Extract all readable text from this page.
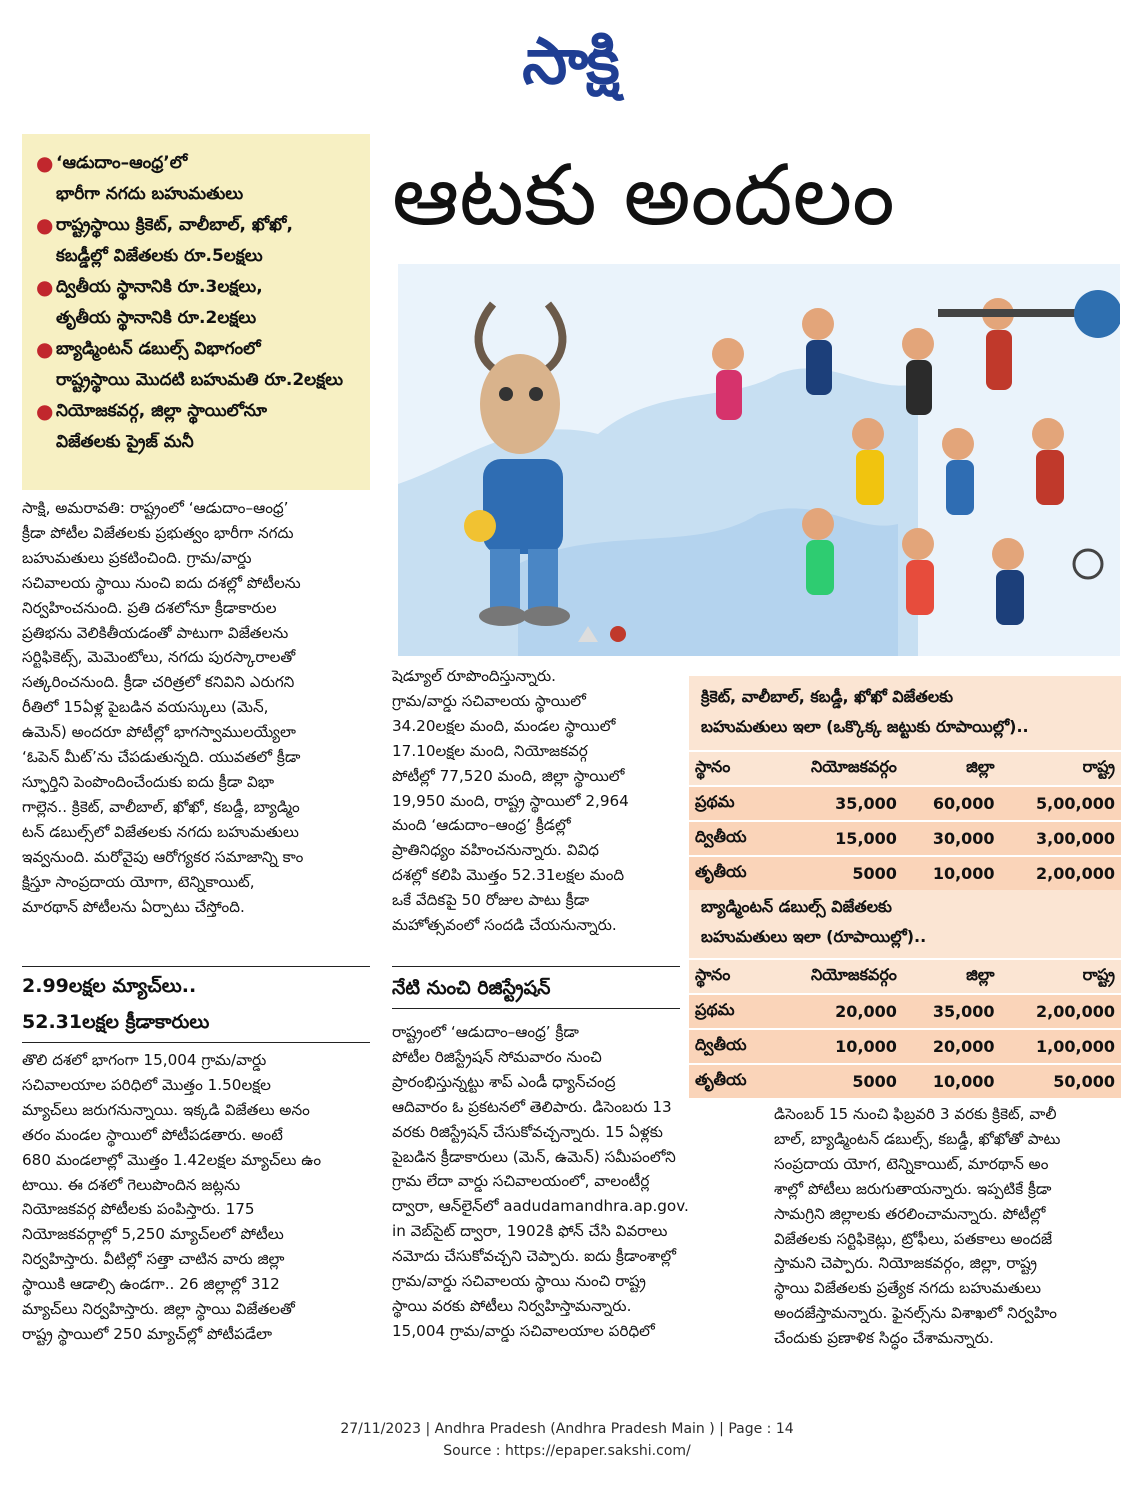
సాక్షి
● ‘ఆడుదాం–ఆంధ్ర’లో
భారీగా నగదు బహుమతులు
● రాష్ట్రస్థాయి క్రికెట్, వాలీబాల్, ఖోఖో,
కబడ్డీల్లో విజేతలకు రూ.5లక్షలు
● ద్వితీయ స్థానానికి రూ.3లక్షలు,
తృతీయ స్థానానికి రూ.2లక్షలు
● బ్యాడ్మింటన్ డబుల్స్ విభాగంలో
రాష్ట్రస్థాయి మొదటి బహుమతి రూ.2లక్షలు
● నియోజకవర్గ, జిల్లా స్థాయిలోనూ
విజేతలకు ప్రైజ్ మనీ
ఆటకు అందలం

సాక్షి, అమరావతి: రాష్ట్రంలో ‘ఆడుదాం–ఆంధ్ర’

క్రీడా పోటీల విజేతలకు ప్రభుత్వం భారీగా నగదు

బహుమతులు ప్రకటించింది. గ్రామ/వార్డు

సచివాలయ స్థాయి నుంచి ఐదు దశల్లో పోటీలను

నిర్వహించనుంది. ప్రతి దశలోనూ క్రీడాకారుల

ప్రతిభను వెలికితీయడంతో పాటుగా విజేతలను

సర్టిఫికెట్స్, మెమెంటోలు, నగదు పురస్కారాలతో

సత్కరించనుంది. క్రీడా చరిత్రలో కనివిని ఎరుగని

రీతిలో 15ఏళ్ల పైబడిన వయస్కులు (మెన్,

ఉమెన్) అందరూ పోటీల్లో భాగస్వాములయ్యేలా

‘ఓపెన్ మీట్’ను చేపడుతున్నది. యువతలో క్రీడా

స్ఫూర్తిని పెంపొందించేందుకు ఐదు క్రీడా విభా

గాల్లెన.. క్రికెట్, వాలీబాల్, ఖోఖో, కబడ్డీ, బ్యాడ్మిం

టన్ డబుల్స్‌లో విజేతలకు నగదు బహుమతులు

ఇవ్వనుంది. మరోవైపు ఆరోగ్యకర సమాజాన్ని కాం

క్షిస్తూ సాంప్రదాయ యోగా, టెన్నికాయిట్,

మారథాన్ పోటీలను ఏర్పాటు చేస్తోంది.

2.99లక్షల మ్యాచ్‌లు..
52.31లక్షల క్రీడాకారులు

తొలి దశలో భాగంగా 15,004 గ్రామ/వార్డు

సచివాలయాల పరిధిలో మొత్తం 1.50లక్షల

మ్యాచ్‌లు జరుగనున్నాయి. ఇక్కడి విజేతలు అనం

తరం మండల స్థాయిలో పోటీపడతారు. అంటే

680 మండలాల్లో మొత్తం 1.42లక్షల మ్యాచ్‌లు ఉం

టాయి. ఈ దశలో గెలుపొందిన జట్లను

నియోజకవర్గ పోటీలకు పంపిస్తారు. 175

నియోజకవర్గాల్లో 5,250 మ్యాచ్‌లలో పోటీలు

నిర్వహిస్తారు. వీటిల్లో సత్తా చాటిన వారు జిల్లా

స్థాయికి ఆడాల్సి ఉండగా.. 26 జిల్లాల్లో 312

మ్యాచ్‌లు నిర్వహిస్తారు. జిల్లా స్థాయి విజేతలతో

రాష్ట్ర స్థాయిలో 250 మ్యాచ్‌ల్లో పోటీపడేలా

షెడ్యూల్ రూపొందిస్తున్నారు.

గ్రామ/వార్డు సచివాలయ స్థాయిలో

34.20లక్షల మంది, మండల స్థాయిలో

17.10లక్షల మంది, నియోజకవర్గ

పోటీల్లో 77,520 మంది, జిల్లా స్థాయిలో

19,950 మంది, రాష్ట్ర స్థాయిలో 2,964

మంది ‘ఆడుదాం–ఆంధ్ర’ క్రీడల్లో

ప్రాతినిధ్యం వహించనున్నారు. వివిధ

దశల్లో కలిపి మొత్తం 52.31లక్షల మంది

ఒకే వేదికపై 50 రోజుల పాటు క్రీడా

మహోత్సవంలో సందడి చేయనున్నారు.

నేటి నుంచి రిజిస్ట్రేషన్

రాష్ట్రంలో ‘ఆడుదాం–ఆంధ్ర’ క్రీడా

పోటీల రిజిస్ట్రేషన్ సోమవారం నుంచి

ప్రారంభిస్తున్నట్టు శాప్ ఎండీ ధ్యాన్‌చంద్ర

ఆదివారం ఓ ప్రకటనలో తెలిపారు. డిసెంబరు 13

వరకు రిజిస్ట్రేషన్ చేసుకోవచ్చన్నారు. 15 ఏళ్లకు

పైబడిన క్రీడాకారులు (మెన్, ఉమెన్) సమీపంలోని

గ్రామ లేదా వార్డు సచివాలయంలో, వాలంటీర్ల

ద్వారా, ఆన్‌లైన్‌లో aadudamandhra.ap.gov.

in వెబ్‌సైట్ ద్వారా, 1902కి ఫోన్ చేసి వివరాలు

నమోదు చేసుకోవచ్చని చెప్పారు. ఐదు క్రీడాంశాల్లో

గ్రామ/వార్డు సచివాలయ స్థాయి నుంచి రాష్ట్ర

స్థాయి వరకు పోటీలు నిర్వహిస్తామన్నారు.

15,004 గ్రామ/వార్డు సచివాలయాల పరిధిలో

డిసెంబర్ 15 నుంచి ఫిబ్రవరి 3 వరకు క్రికెట్, వాలీ

బాల్, బ్యాడ్మింటన్ డబుల్స్, కబడ్డీ, ఖోఖోతో పాటు

సంప్రదాయ యోగ, టెన్నికాయిట్, మారథాన్ అం

శాల్లో పోటీలు జరుగుతాయన్నారు. ఇప్పటికే క్రీడా

సామగ్రిని జిల్లాలకు తరలించామన్నారు. పోటీల్లో

విజేతలకు సర్టిఫికెట్లు, ట్రోఫీలు, పతకాలు అందజే

స్తామని చెప్పారు. నియోజకవర్గం, జిల్లా, రాష్ట్ర

స్థాయి విజేతలకు ప్రత్యేక నగదు బహుమతులు

అందజేస్తామన్నారు. ఫైనల్స్‌ను విశాఖలో నిర్వహిం

చేందుకు ప్రణాళిక సిద్ధం చేశామన్నారు.

క్రికెట్, వాలీబాల్, కబడ్డీ, ఖోఖో విజేతలకు
బహుమతులు ఇలా (ఒక్కొక్క జట్టుకు రూపాయిల్లో)..
స్థానం	నియోజకవర్గం	జిల్లా	రాష్ట్ర
ప్రథమ	35,000	60,000	5,00,000
ద్వితీయ	15,000	30,000	3,00,000
తృతీయ	5000	10,000	2,00,000
బ్యాడ్మింటన్ డబుల్స్ విజేతలకు
బహుమతులు ఇలా (రూపాయిల్లో)..
స్థానం	నియోజకవర్గం	జిల్లా	రాష్ట్ర
ప్రథమ	20,000	35,000	2,00,000
ద్వితీయ	10,000	20,000	1,00,000
తృతీయ	5000	10,000	50,000
27/11/2023 | Andhra Pradesh (Andhra Pradesh Main ) | Page : 14
Source : https://epaper.sakshi.com/
